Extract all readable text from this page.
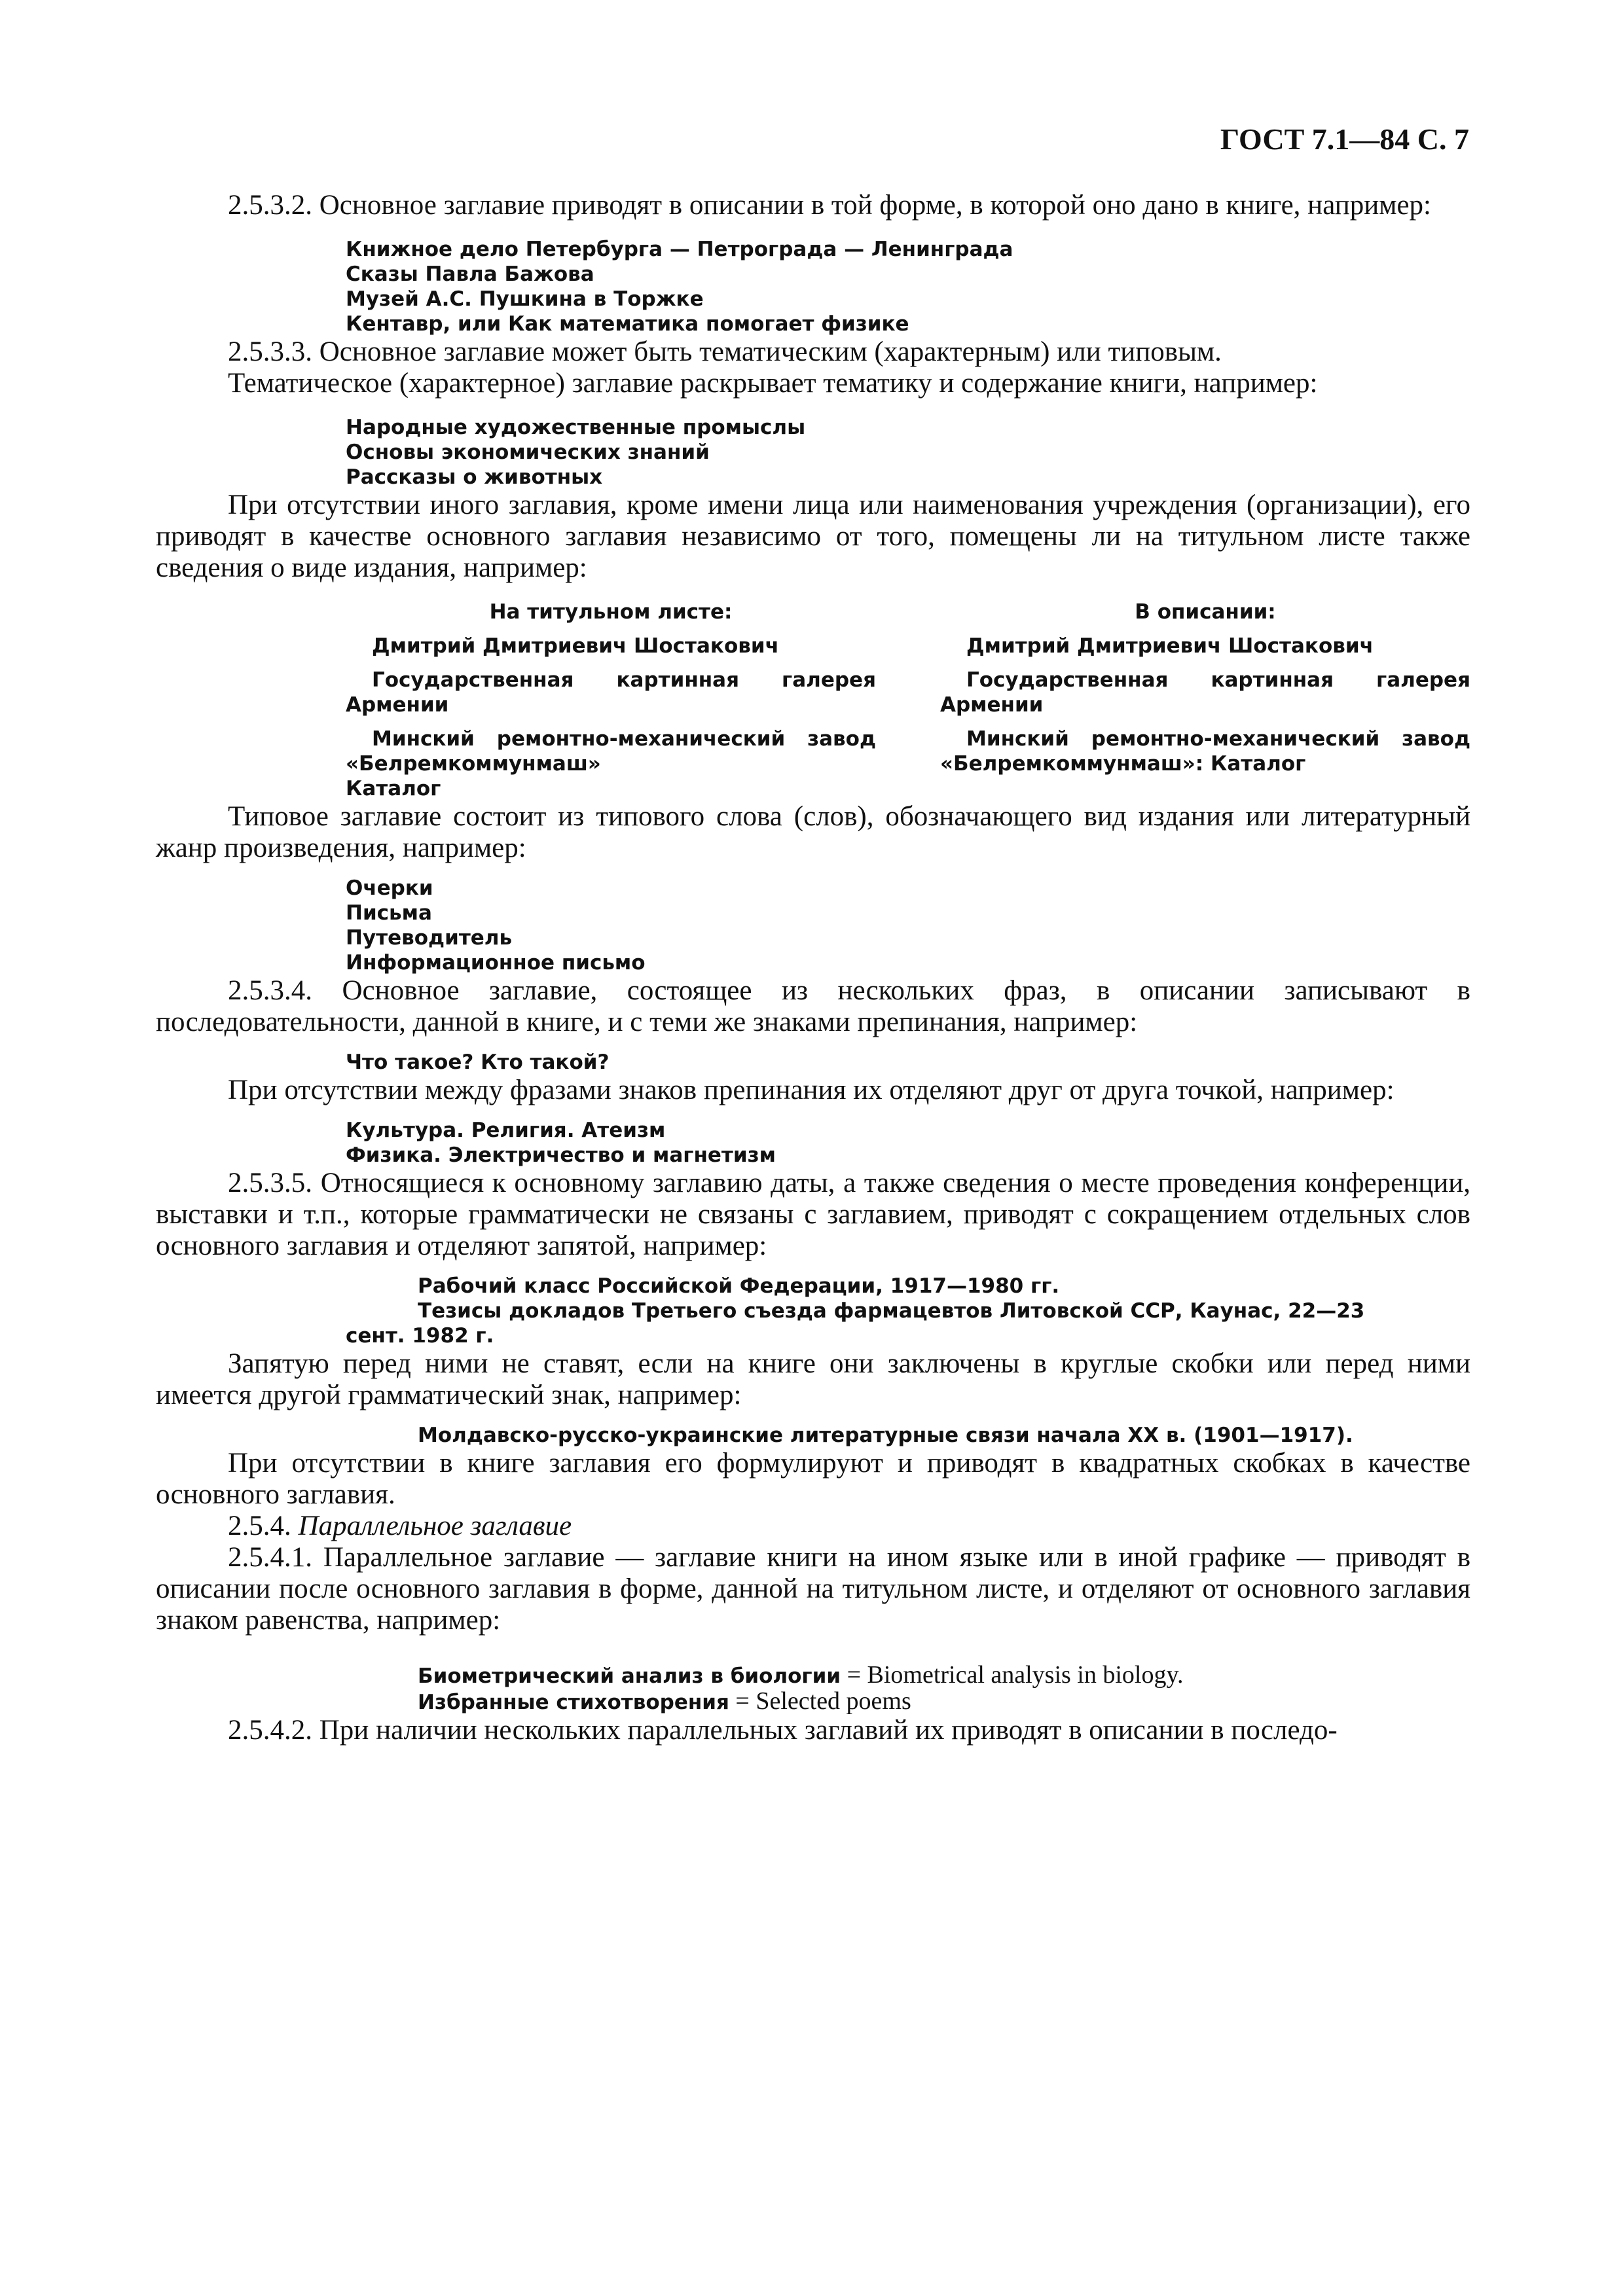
ГОСТ 7.1—84 С. 7

2.5.3.2. Основное заглавие приводят в описании в той форме, в которой оно дано в книге, например:

Книжное дело Петербурга — Петрограда — Ленинграда
Сказы Павла Бажова
Музей А.С. Пушкина в Торжке
Кентавр, или Как математика помогает физике

2.5.3.3. Основное заглавие может быть тематическим (характерным) или типовым.

Тематическое (характерное) заглавие раскрывает тематику и содержание книги, например:

Народные художественные промыслы
Основы экономических знаний
Рассказы о животных

При отсутствии иного заглавия, кроме имени лица или наименования учреждения (организации), его приводят в качестве основного заглавия независимо от того, помещены ли на титульном листе также сведения о виде издания, например:

На титульном листе:
Дмитрий Дмитриевич Шостакович
Государственная картинная галерея Армении
Минский ремонтно-механический завод «Белремкоммунмаш»
Каталог
В описании:
Дмитрий Дмитриевич Шостакович
Государственная картинная галерея Армении
Минский ремонтно-механический завод «Белремкоммунмаш»: Каталог

Типовое заглавие состоит из типового слова (слов), обозначающего вид издания или литературный жанр произведения, например:

Очерки
Письма
Путеводитель
Информационное письмо

2.5.3.4. Основное заглавие, состоящее из нескольких фраз, в описании записывают в последовательности, данной в книге, и с теми же знаками препинания, например:

Что такое? Кто такой?

При отсутствии между фразами знаков препинания их отделяют друг от друга точкой, например:

Культура. Религия. Атеизм
Физика. Электричество и магнетизм

2.5.3.5. Относящиеся к основному заглавию даты, а также сведения о месте проведения конференции, выставки и т.п., которые грамматически не связаны с заглавием, приводят с сокращением отдельных слов основного заглавия и отделяют запятой, например:

Рабочий класс Российской Федерации, 1917—1980 гг.
Тезисы докладов Третьего съезда фармацевтов Литовской ССР, Каунас, 22—23
сент. 1982 г.

Запятую перед ними не ставят, если на книге они заключены в круглые скобки или перед ними имеется другой грамматический знак, например:

Молдавско-русско-украинские литературные связи начала XX в. (1901—1917).

При отсутствии в книге заглавия его формулируют и приводят в квадратных скобках в качестве основного заглавия.

2.5.4. Параллельное заглавие

2.5.4.1. Параллельное заглавие — заглавие книги на ином языке или в иной графике — приводят в описании после основного заглавия в форме, данной на титульном листе, и отделяют от основного заглавия знаком равенства, например:

Биометрический анализ в биологии = Biometrical analysis in biology.
Избранные стихотворения = Selected poems

2.5.4.2. При наличии нескольких параллельных заглавий их приводят в описании в последо-
